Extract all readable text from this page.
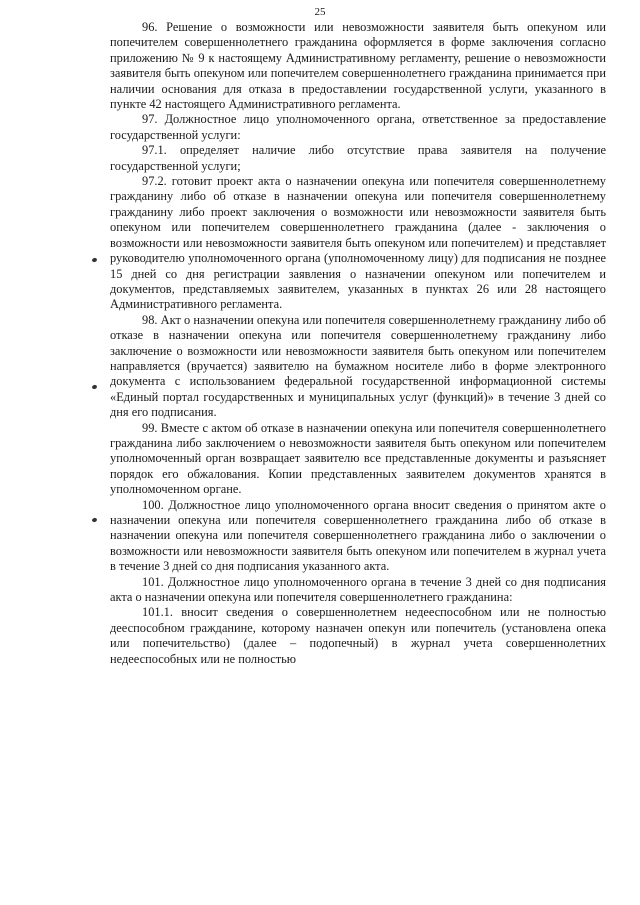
25

96. Решение о возможности или невозможности заявителя быть опекуном или попечителем совершеннолетнего гражданина оформляется в форме заключения согласно приложению № 9 к настоящему Административному регламенту, решение о невозможности заявителя быть опекуном или попечителем совершеннолетнего гражданина принимается при наличии основания для отказа в предоставлении государственной услуги, указанного в пункте 42 настоящего Административного регламента.

97. Должностное лицо уполномоченного органа, ответственное за предоставление государственной услуги:

97.1. определяет наличие либо отсутствие права заявителя на получение государственной услуги;

97.2. готовит проект акта о назначении опекуна или попечителя совершеннолетнему гражданину либо об отказе в назначении опекуна или попечителя совершеннолетнему гражданину либо проект заключения о возможности или невозможности заявителя быть опекуном или попечителем совершеннолетнего гражданина (далее - заключения о возможности или невозможности заявителя быть опекуном или попечителем) и представляет руководителю уполномоченного органа (уполномоченному лицу) для подписания не позднее 15 дней со дня регистрации заявления о назначении опекуном или попечителем и документов, представляемых заявителем, указанных в пунктах 26 или 28 настоящего Административного регламента.

98. Акт о назначении опекуна или попечителя совершеннолетнему гражданину либо об отказе в назначении опекуна или попечителя совершеннолетнему гражданину либо заключение о возможности или невозможности заявителя быть опекуном или попечителем направляется (вручается) заявителю на бумажном носителе либо в форме электронного документа с использованием федеральной государственной информационной системы «Единый портал государственных и муниципальных услуг (функций)» в течение 3 дней со дня его подписания.

99. Вместе с актом об отказе в назначении опекуна или попечителя совершеннолетнего гражданина либо заключением о невозможности заявителя быть опекуном или попечителем уполномоченный орган возвращает заявителю все представленные документы и разъясняет порядок его обжалования. Копии представленных заявителем документов хранятся в уполномоченном органе.

100. Должностное лицо уполномоченного органа вносит сведения о принятом акте о назначении опекуна или попечителя совершеннолетнего гражданина либо об отказе в назначении опекуна или попечителя совершеннолетнего гражданина либо о заключении о возможности или невозможности заявителя быть опекуном или попечителем в журнал учета в течение 3 дней со дня подписания указанного акта.

101. Должностное лицо уполномоченного органа в течение 3 дней со дня подписания акта о назначении опекуна или попечителя совершеннолетнего гражданина:

101.1. вносит сведения о совершеннолетнем недееспособном или не полностью дееспособном гражданине, которому назначен опекун или попечитель (установлена опека или попечительство) (далее – подопечный) в журнал учета совершеннолетних недееспособных или не полностью
